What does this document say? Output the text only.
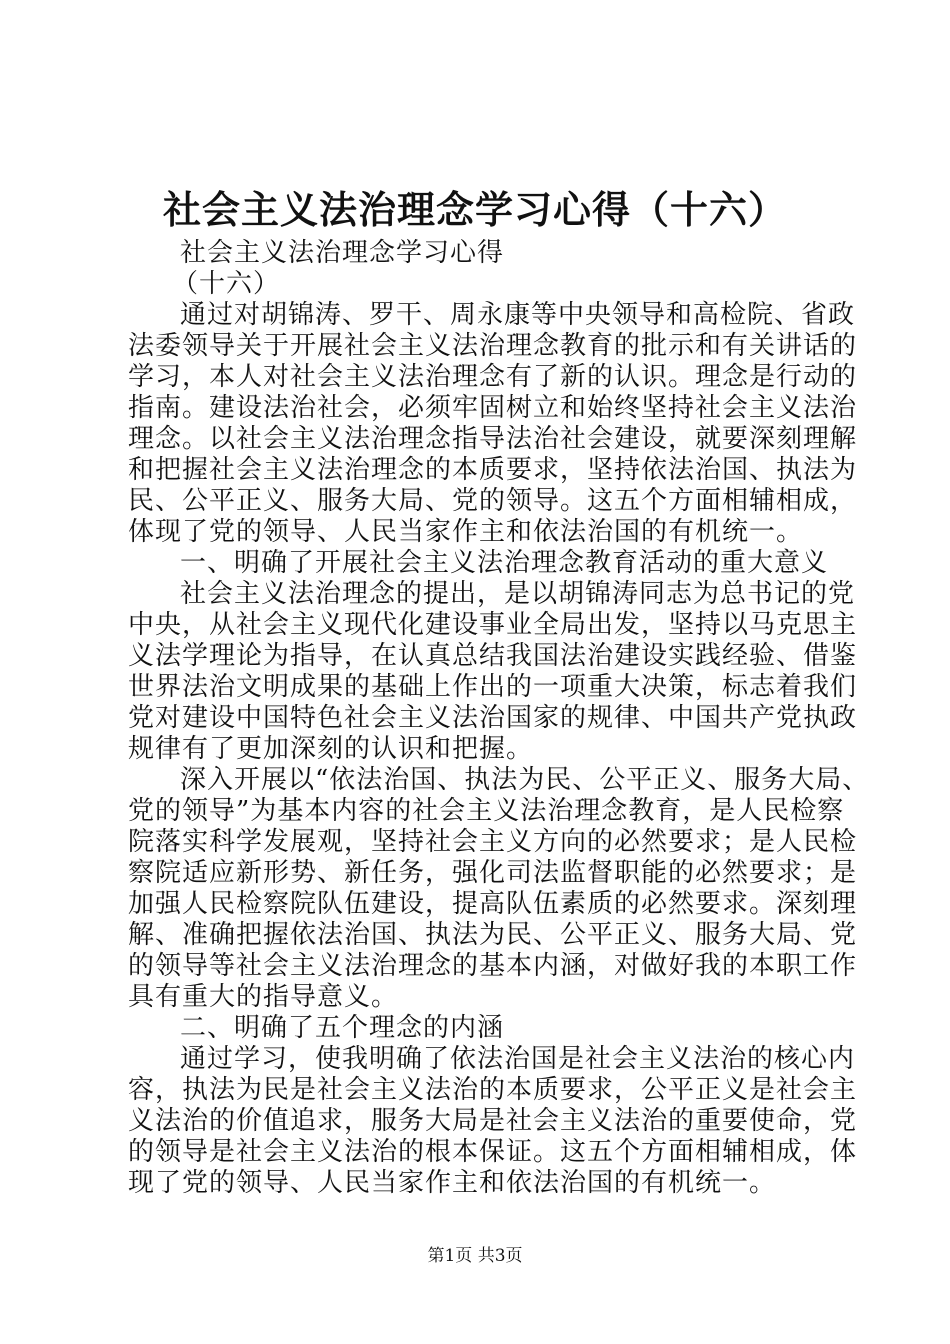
社会主义法治理念学习心得（十六）
社会主义法治理念学习心得
（十六）
通过对胡锦涛、罗干、周永康等中央领导和高检院、省政
法委领导关于开展社会主义法治理念教育的批示和有关讲话的
学习，本人对社会主义法治理念有了新的认识。理念是行动的
指南。建设法治社会，必须牢固树立和始终坚持社会主义法治
理念。以社会主义法治理念指导法治社会建设，就要深刻理解
和把握社会主义法治理念的本质要求，坚持依法治国、执法为
民、公平正义、服务大局、党的领导。这五个方面相辅相成，
体现了党的领导、人民当家作主和依法治国的有机统一。
一、明确了开展社会主义法治理念教育活动的重大意义
社会主义法治理念的提出，是以胡锦涛同志为总书记的党
中央，从社会主义现代化建设事业全局出发，坚持以马克思主
义法学理论为指导，在认真总结我国法治建设实践经验、借鉴
世界法治文明成果的基础上作出的一项重大决策，标志着我们
党对建设中国特色社会主义法治国家的规律、中国共产党执政
规律有了更加深刻的认识和把握。
深入开展以“依法治国、执法为民、公平正义、服务大局、
党的领导”为基本内容的社会主义法治理念教育，是人民检察
院落实科学发展观，坚持社会主义方向的必然要求；是人民检
察院适应新形势、新任务，强化司法监督职能的必然要求；是
加强人民检察院队伍建设，提高队伍素质的必然要求。深刻理
解、准确把握依法治国、执法为民、公平正义、服务大局、党
的领导等社会主义法治理念的基本内涵，对做好我的本职工作
具有重大的指导意义。
二、明确了五个理念的内涵
通过学习，使我明确了依法治国是社会主义法治的核心内
容，执法为民是社会主义法治的本质要求，公平正义是社会主
义法治的价值追求，服务大局是社会主义法治的重要使命，党
的领导是社会主义法治的根本保证。这五个方面相辅相成，体
现了党的领导、人民当家作主和依法治国的有机统一。
第1页 共3页
